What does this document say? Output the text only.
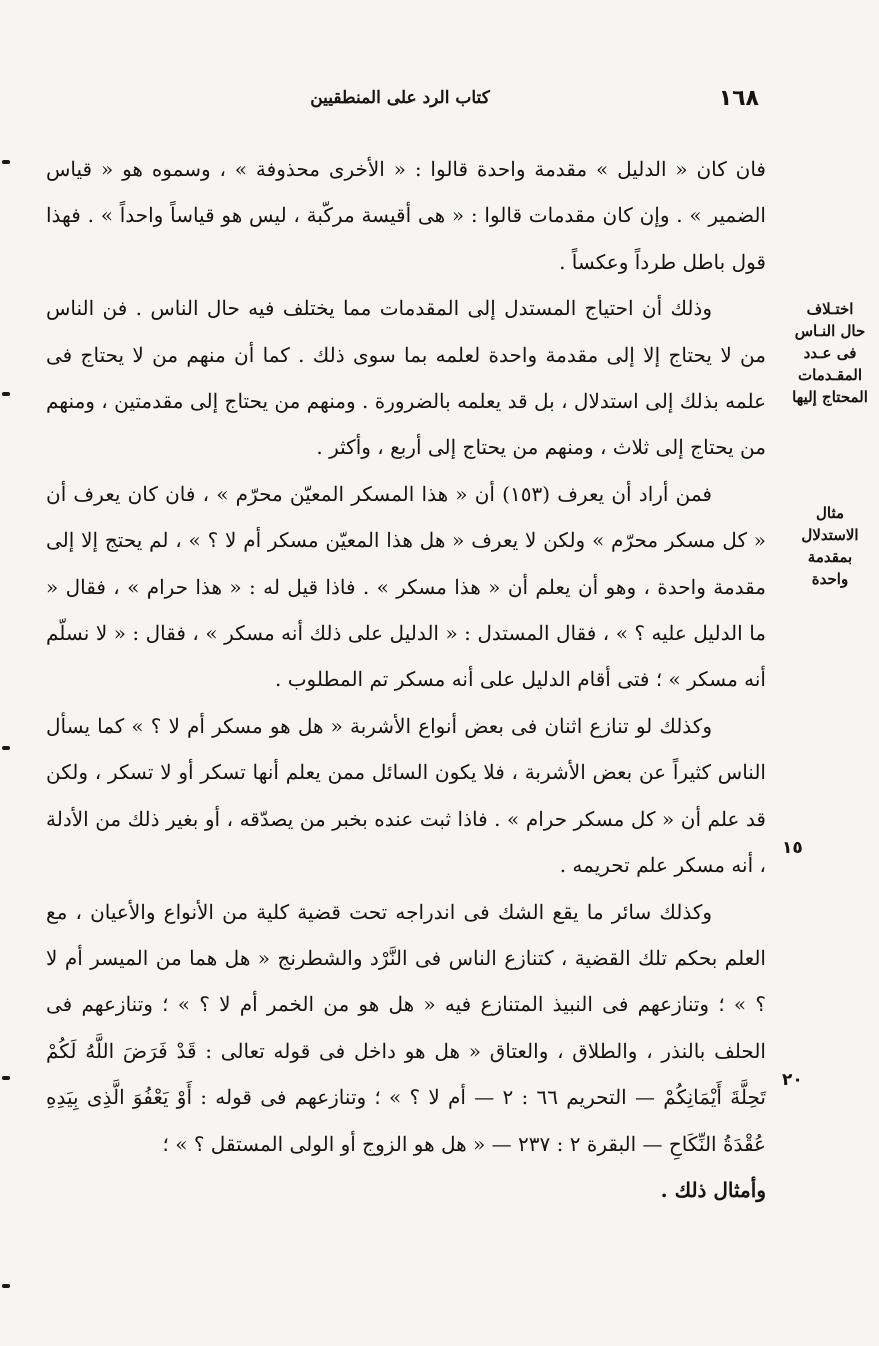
كتاب الرد على المنطقيين	١٦٨
اختـلاف
حال النـاس
فى عـدد
المقـدمات
المحتاج إليها
مثال
الاستدلال
بمقدمة
واحدة
١٥
٢٠

فان كان « الدليل » مقدمة واحدة قالوا : « الأخرى محذوفة » ، وسموه هو « قياس الضمير » . وإن كان مقدمات قالوا : « هى أقيسة مركّبة ، ليس هو قياساً واحداً » . فهذا قول باطل طرداً وعكساً .

وذلك أن احتياج المستدل إلى المقدمات مما يختلف فيه حال الناس . فن الناس من لا يحتاج إلا إلى مقدمة واحدة لعلمه بما سوى ذلك . كما أن منهم من لا يحتاج فى علمه بذلك إلى استدلال ، بل قد يعلمه بالضرورة . ومنهم من يحتاج إلى مقدمتين ، ومنهم من يحتاج إلى ثلاث ، ومنهم من يحتاج إلى أربع ، وأكثر .

فمن أراد أن يعرف (١٥٣) أن « هذا المسكر المعيّن محرّم » ، فان كان يعرف أن « كل مسكر محرّم » ولكن لا يعرف « هل هذا المعيّن مسكر أم لا ؟ » ، لم يحتج إلا إلى مقدمة واحدة ، وهو أن يعلم أن « هذا مسكر » . فاذا قيل له : « هذا حرام » ، فقال « ما الدليل عليه ؟ » ، فقال المستدل : « الدليل على ذلك أنه مسكر » ، فقال : « لا نسلّم أنه مسكر » ؛ فتى أقام الدليل على أنه مسكر تم المطلوب .

وكذلك لو تنازع اثنان فى بعض أنواع الأشربة « هل هو مسكر أم لا ؟ » كما يسأل الناس كثيراً عن بعض الأشربة ، فلا يكون السائل ممن يعلم أنها تسكر أو لا تسكر ، ولكن قد علم أن « كل مسكر حرام » . فاذا ثبت عنده بخبر من يصدّقه ، أو بغير ذلك من الأدلة ، أنه مسكر علم تحريمه .

وكذلك سائر ما يقع الشك فى اندراجه تحت قضية كلية من الأنواع والأعيان ، مع العلم بحكم تلك القضية ، كتنازع الناس فى النَّرْد والشطرنج « هل هما من الميسر أم لا ؟ » ؛ وتنازعهم فى النبيذ المتنازع فيه « هل هو من الخمر أم لا ؟ » ؛ وتنازعهم فى الحلف بالنذر ، والطلاق ، والعتاق « هل هو داخل فى قوله تعالى : قَدْ فَرَضَ اللَّهُ لَكُمْ تَحِلَّةَ أَيْمَانِكُمْ — التحريم ٦٦ : ٢ — أم لا ؟ » ؛ وتنازعهم فى قوله : أَوْ يَعْفُوَ الَّذِى بِيَدِهِ عُقْدَةُ النِّكَاحِ — البقرة ٢ : ٢٣٧ — « هل هو الزوج أو الولى المستقل ؟ » ؛

وأمثال ذلك .
